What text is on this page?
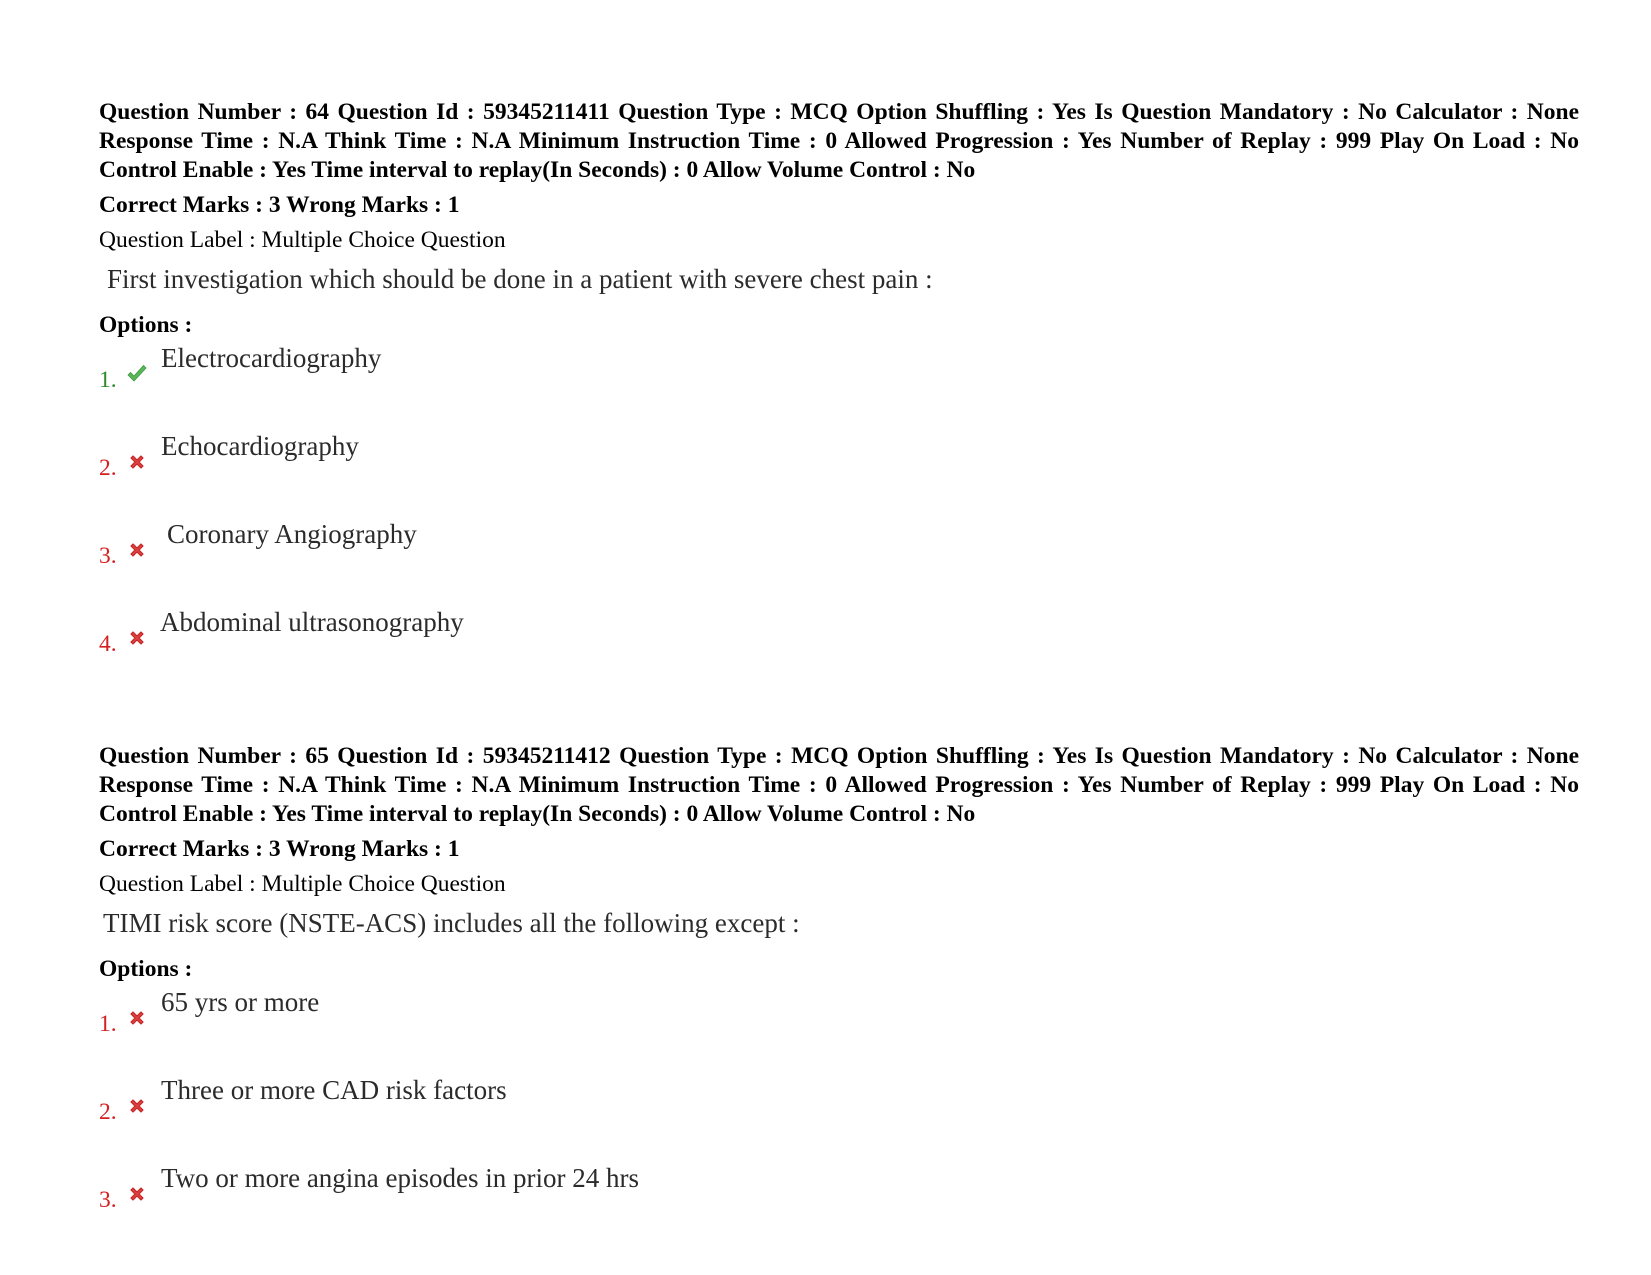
Question Number : 64 Question Id : 59345211411 Question Type : MCQ Option Shuffling : Yes Is Question Mandatory : No Calculator : None Response Time : N.A Think Time : N.A Minimum Instruction Time : 0 Allowed Progression : Yes Number of Replay : 999 Play On Load : No Control Enable : Yes Time interval to replay(In Seconds) : 0 Allow Volume Control : No

Correct Marks : 3 Wrong Marks : 1

Question Label : Multiple Choice Question

First investigation which should be done in a patient with severe chest pain :

Options :

1.
Electrocardiography
2.
Echocardiography
3.
Coronary Angiography
4.
Abdominal ultrasonography

Question Number : 65 Question Id : 59345211412 Question Type : MCQ Option Shuffling : Yes Is Question Mandatory : No Calculator : None Response Time : N.A Think Time : N.A Minimum Instruction Time : 0 Allowed Progression : Yes Number of Replay : 999 Play On Load : No Control Enable : Yes Time interval to replay(In Seconds) : 0 Allow Volume Control : No

Correct Marks : 3 Wrong Marks : 1

Question Label : Multiple Choice Question

TIMI risk score (NSTE-ACS) includes all the following except :

Options :

1.
65 yrs or more
2.
Three or more CAD risk factors
3.
Two or more angina episodes in prior 24 hrs
